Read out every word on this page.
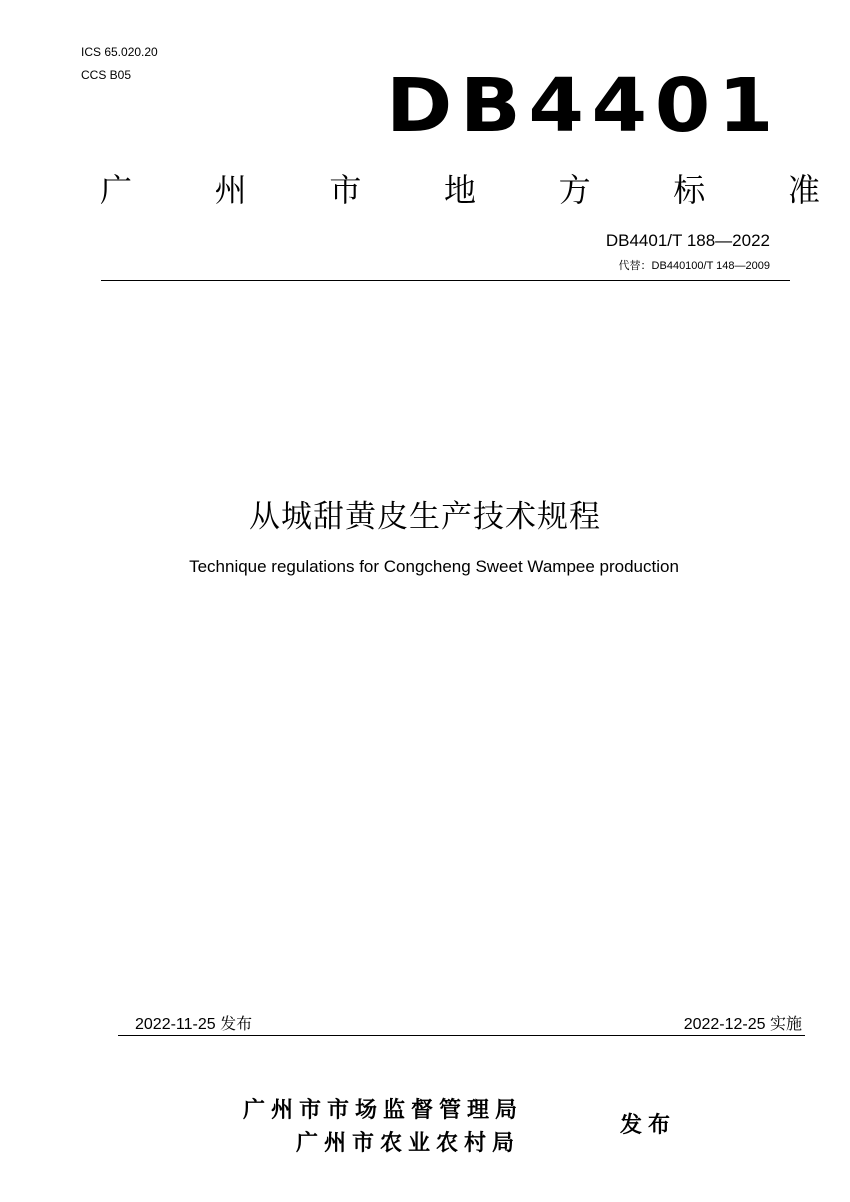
ICS 65.020.20
CCS B05	DB4401
广	州	市	地	方	标	准
DB4401/T 188—2022
代替：DB440100/T 148—2009
从城甜黄皮生产技术规程
Technique regulations for Congcheng Sweet Wampee production
2022-11-25 发布	2022-12-25 实施
广州市市场监督管理局
广州市农业农村局
发布
